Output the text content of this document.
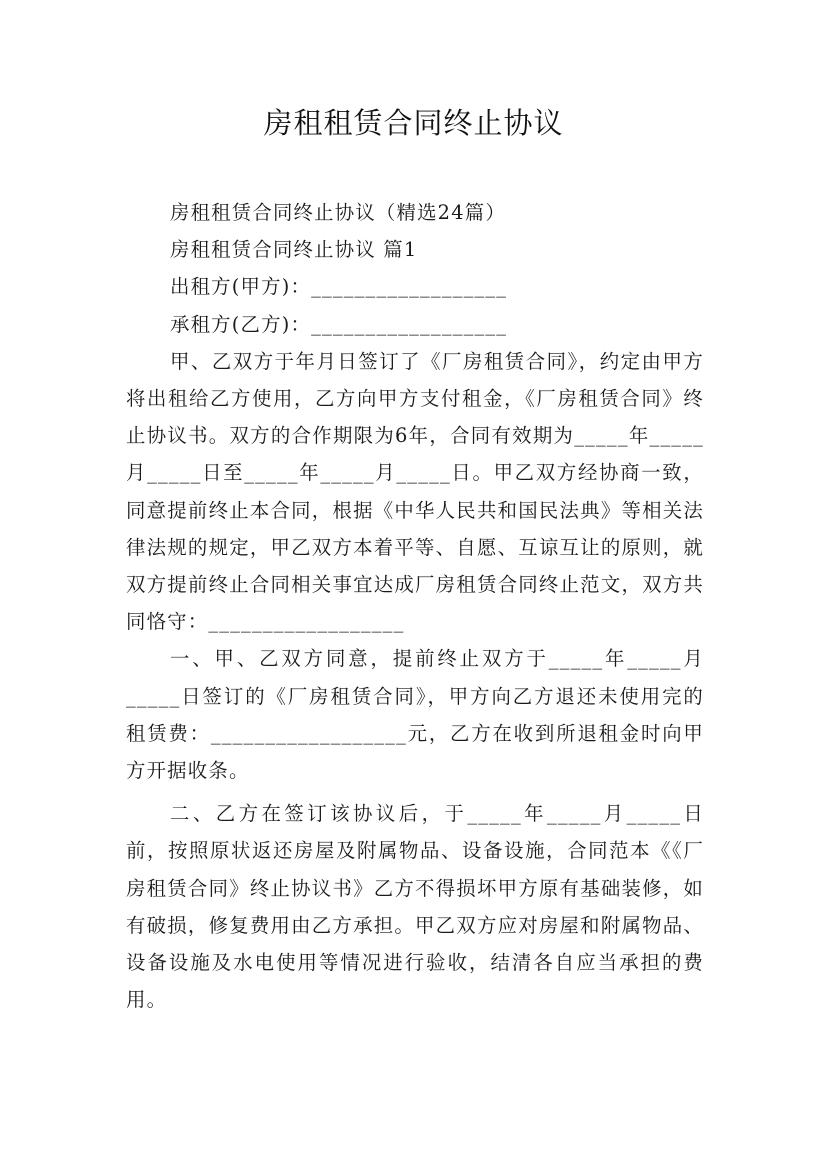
房租租赁合同终止协议
房租租赁合同终止协议（精选24篇）
房租租赁合同终止协议 篇1
出租方(甲方)：__________________
承租方(乙方)：__________________

甲、乙双方于年月日签订了《厂房租赁合同》，约定由甲方将出租给乙方使用，乙方向甲方支付租金，《厂房租赁合同》终止协议书。双方的合作期限为6年，合同有效期为_____年_____月_____日至_____年_____月_____日。甲乙双方经协商一致，同意提前终止本合同，根据《中华人民共和国民法典》等相关法律法规的规定，甲乙双方本着平等、自愿、互谅互让的原则，就双方提前终止合同相关事宜达成厂房租赁合同终止范文，双方共同恪守：__________________

一、甲、乙双方同意，提前终止双方于_____年_____月_____日签订的《厂房租赁合同》，甲方向乙方退还未使用完的租赁费：__________________元，乙方在收到所退租金时向甲方开据收条。

二、乙方在签订该协议后，于_____年_____月_____日前，按照原状返还房屋及附属物品、设备设施，合同范本《《厂房租赁合同》终止协议书》乙方不得损坏甲方原有基础装修，如有破损，修复费用由乙方承担。甲乙双方应对房屋和附属物品、设备设施及水电使用等情况进行验收，结清各自应当承担的费用。
